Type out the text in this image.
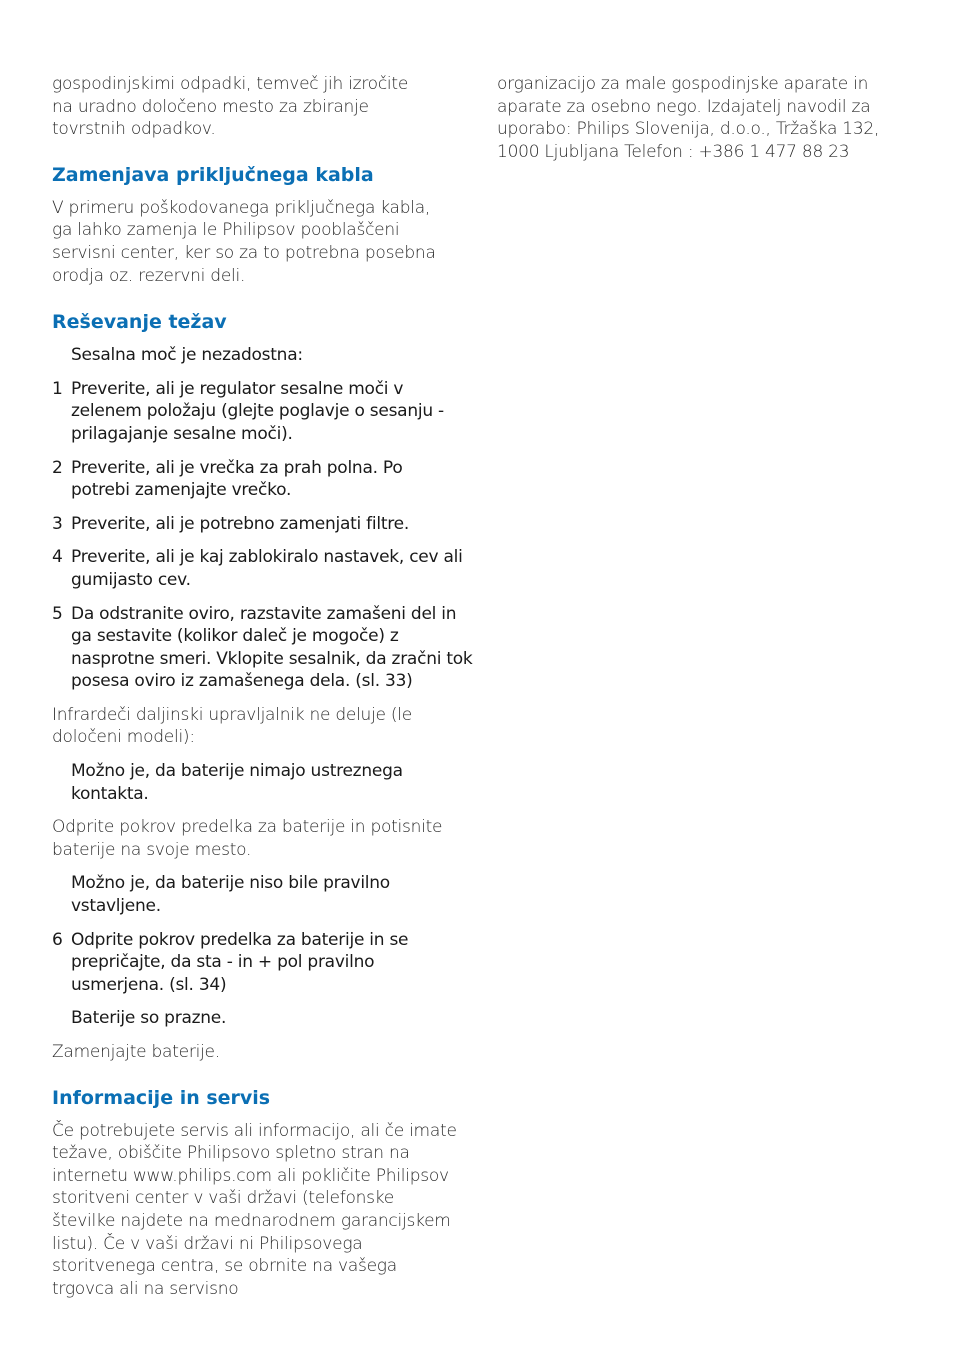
gospodinjskimi odpadki, temveč jih izročite na uradno določeno mesto za zbiranje tovrstnih odpadkov.

Zamenjava priključnega kabla

V primeru poškodovanega priključnega kabla, ga lahko zamenja le Philipsov pooblaščeni servisni center, ker so za to potrebna posebna orodja oz. rezervni deli.

Reševanje težav

Sesalna moč je nezadostna:

1 Preverite, ali je regulator sesalne moči v zelenem položaju (glejte poglavje o sesanju - prilagajanje sesalne moči).
2 Preverite, ali je vrečka za prah polna. Po potrebi zamenjajte vrečko.
3 Preverite, ali je potrebno zamenjati filtre.
4 Preverite, ali je kaj zablokiralo nastavek, cev ali gumijasto cev.
5 Da odstranite oviro, razstavite zamašeni del in ga sestavite (kolikor daleč je mogoče) z nasprotne smeri. Vklopite sesalnik, da zračni tok posesa oviro iz zamašenega dela. (sl. 33)

Infrardeči daljinski upravljalnik ne deluje (le določeni modeli):

Možno je, da baterije nimajo ustreznega kontakta.

Odprite pokrov predelka za baterije in potisnite baterije na svoje mesto.

Možno je, da baterije niso bile pravilno vstavljene.

6 Odprite pokrov predelka za baterije in se prepričajte, da sta - in + pol pravilno usmerjena. (sl. 34)

Baterije so prazne.

Zamenjajte baterije.

Informacije in servis

Če potrebujete servis ali informacijo, ali če imate težave, obiščite Philipsovo spletno stran na internetu www.philips.com ali pokličite Philipsov storitveni center v vaši državi (telefonske številke najdete na mednarodnem garancijskem listu). Če v vaši državi ni Philipsovega storitvenega centra, se obrnite na vašega trgovca ali na servisno

organizacijo za male gospodinjske aparate in aparate za osebno nego. Izdajatelj navodil za uporabo: Philips Slovenija, d.o.o., Tržaška 132, 1000 Ljubljana Telefon : +386 1 477 88 23
